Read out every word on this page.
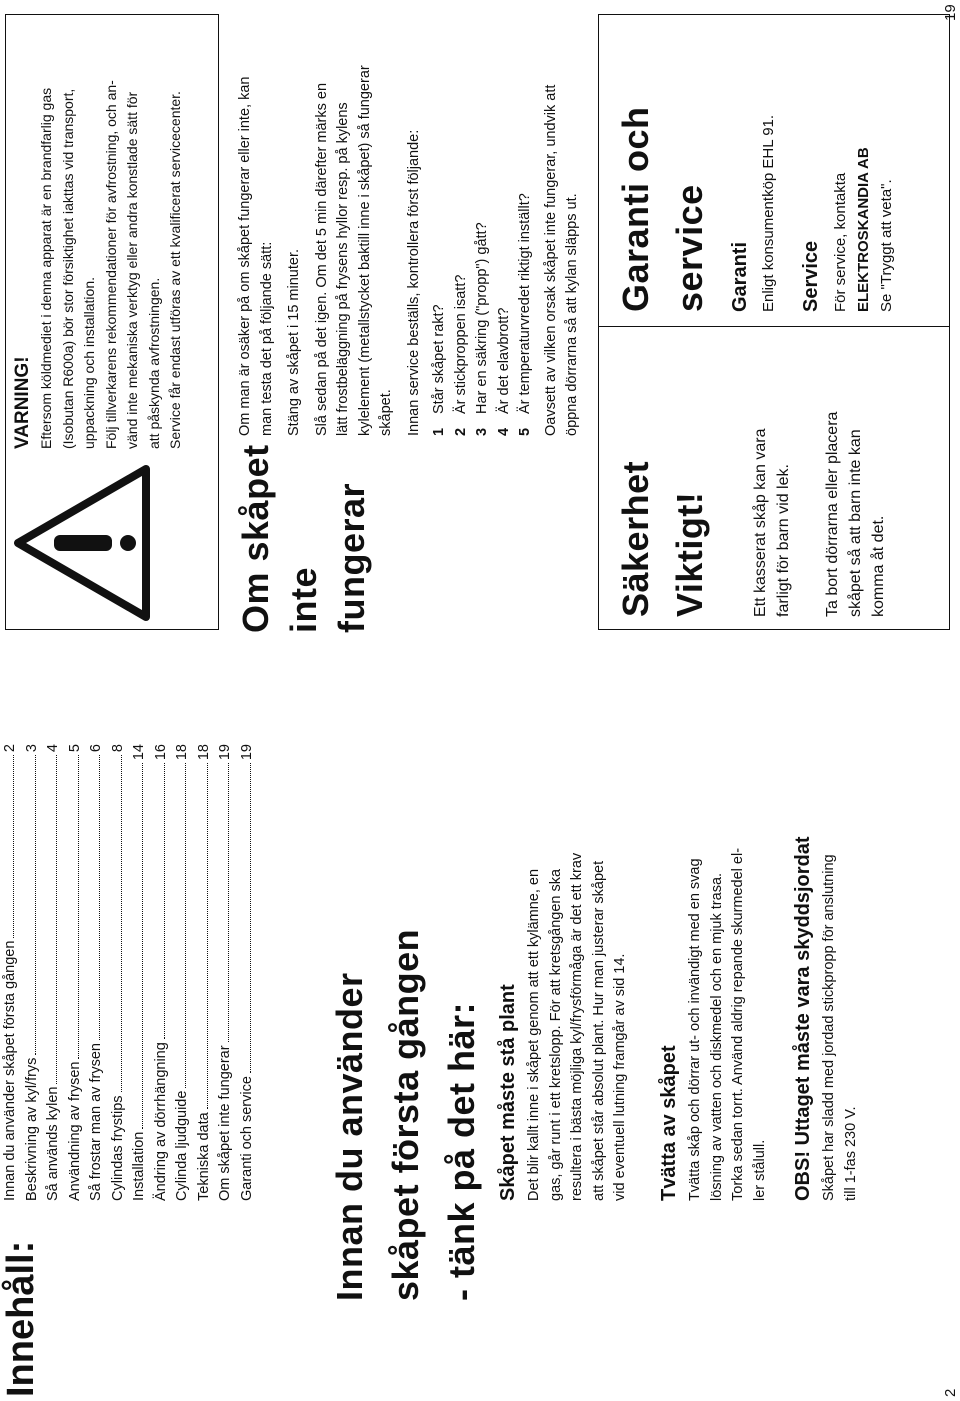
2
19
Innehåll:
Innan du använder skåpet första gången
2
Beskrivning av kyl/frys
3
Så används kylen
4
Användning av frysen
5
Så frostar man av frysen
6
Cylindas frystips
8
Installation
14
Ändring av dörrhängning
16
Cylinda ljudguide
18
Tekniska data
18
Om skåpet inte fungerar
19
Garanti och service
19
Innan du använder skåpet första gången - tänk på det här: Skåpet måste stå plant Det blir kallt inne i skåpet genom att ett kylämne, en gas, går runt i ett kretslopp. För att kretsgången ska resultera i bästa möjliga kyl/frysförmåga är det ett krav att skåpet står absolut plant. Hur man justerar skåpet vid eventuell lutning framgår av sid 14. Tvätta av skåpet Tvätta skåp och dörrar ut- och invändigt med en svag lösning av vatten och diskmedel och en mjuk trasa. Torka sedan torrt. Använd aldrig repande skurmedel el- ler stålull. OBS! Uttaget måste vara skyddsjordat Skåpet har sladd med jordad stickpropp för anslutning till 1-fas 230 V.
VARNING! Eftersom köldmediet i denna apparat är en brandfarlig gas (Isobutan R600a) bör stor försiktighet iakttas vid transport, uppackning och installation. Följ tillverkarens rekommendationer för avfrostning, och an- vänd inte mekaniska verktyg eller andra konstlade sätt för att påskynda avfrostningen. Service får endast utföras av ett kvalificerat servicecenter.
Om skåpet inte fungerar
Om man är osäker på om skåpet fungerar eller inte, kan man testa det på följande sätt: Stäng av skåpet i 15 minuter. Slå sedan på det igen. Om det 5 min därefter märks en lätt frostbeläggning på frysens hyllor resp. på kylens kylelement (metallstycket baktill inne i skåpet) så fungerar skåpet. Innan service beställs, kontrollera först följande: 1
Står skåpet rakt?
2
Är stickproppen isatt?
3
Har en säkring ("propp") gått?
4
Är det elavbrott?
5
Är temperaturvredet riktigt inställt? Oavsett av vilken orsak skåpet inte fungerar, undvik att öppna dörrarna så att kylan släpps ut.
Säkerhet Viktigt!	Ett kasserat skåp kan vara farligt för barn vid lek. Ta bort dörrarna eller placera skåpet så att barn inte kan komma åt det.
Garanti och service Garanti Enligt konsumentköp EHL 91. Service För service, kontakta ELEKTROSKANDIA AB Se "Tryggt att veta".
